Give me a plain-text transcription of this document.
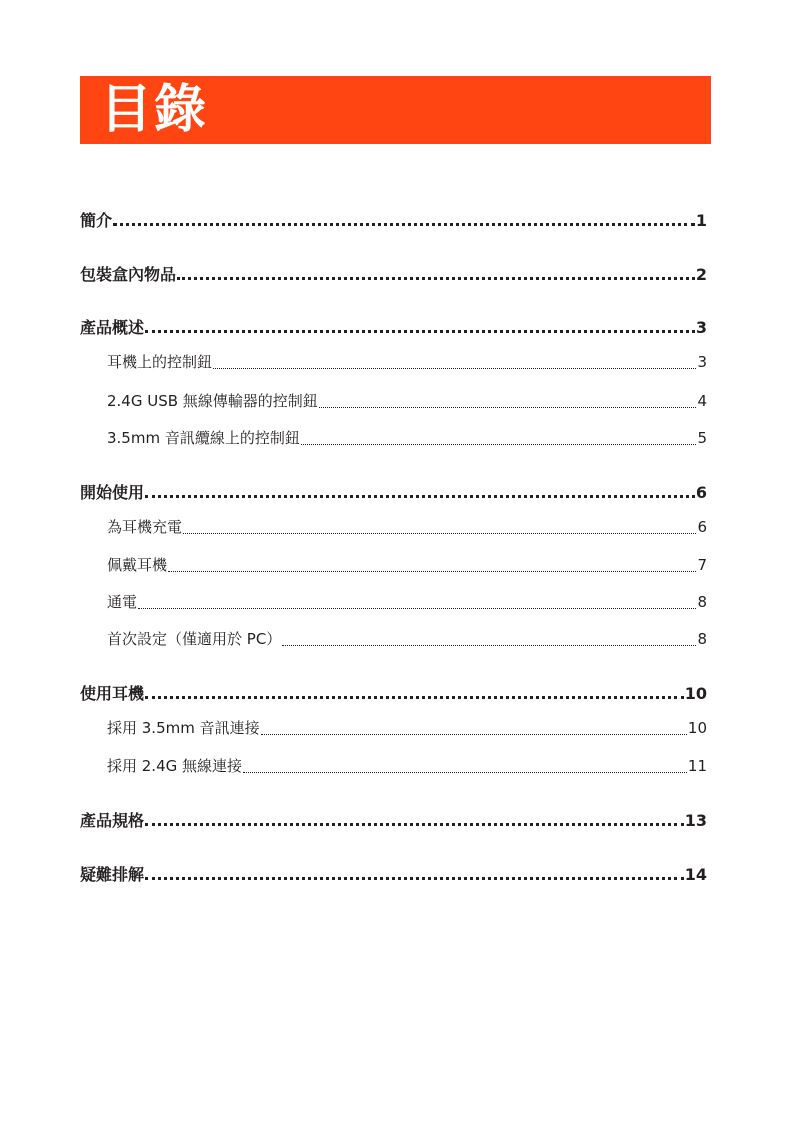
目錄
簡介	1
包裝盒內物品	2
產品概述	3
耳機上的控制鈕	3
2.4G USB 無線傳輸器的控制鈕	4
3.5mm 音訊纜線上的控制鈕	5
開始使用	6
為耳機充電	6
佩戴耳機	7
通電	8
首次設定（僅適用於 PC）	8
使用耳機	10
採用 3.5mm 音訊連接	10
採用 2.4G 無線連接	11
產品規格	13
疑難排解	14
